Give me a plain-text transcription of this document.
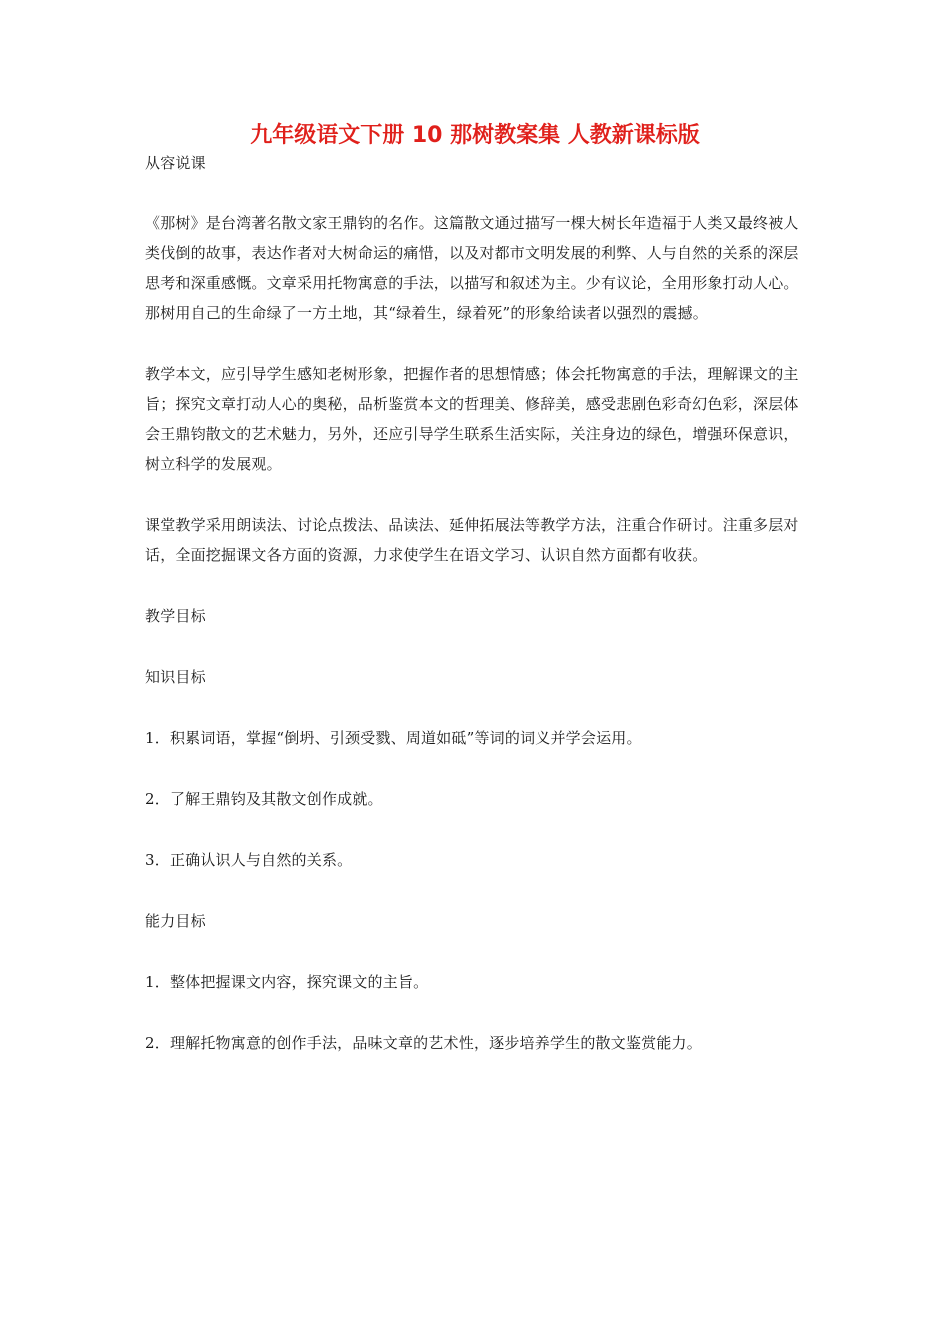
九年级语文下册 10 那树教案集 人教新课标版

从容说课

《那树》是台湾著名散文家王鼎钧的名作。这篇散文通过描写一棵大树长年造福于人类又最终被人类伐倒的故事，表达作者对大树命运的痛惜，以及对都市文明发展的利弊、人与自然的关系的深层思考和深重感慨。文章采用托物寓意的手法，以描写和叙述为主。少有议论，全用形象打动人心。那树用自己的生命绿了一方土地，其“绿着生，绿着死”的形象给读者以强烈的震撼。

教学本文，应引导学生感知老树形象，把握作者的思想情感；体会托物寓意的手法，理解课文的主旨；探究文章打动人心的奥秘，品析鉴赏本文的哲理美、修辞美，感受悲剧色彩奇幻色彩，深层体会王鼎钧散文的艺术魅力，另外，还应引导学生联系生活实际，关注身边的绿色，增强环保意识，树立科学的发展观。

课堂教学采用朗读法、讨论点拨法、品读法、延伸拓展法等教学方法，注重合作研讨。注重多层对话，全面挖掘课文各方面的资源，力求使学生在语文学习、认识自然方面都有收获。

教学目标

知识目标

1．积累词语，掌握“倒坍、引颈受戮、周道如砥”等词的词义并学会运用。

2．了解王鼎钧及其散文创作成就。

3．正确认识人与自然的关系。

能力目标

1．整体把握课文内容，探究课文的主旨。

2．理解托物寓意的创作手法，品味文章的艺术性，逐步培养学生的散文鉴赏能力。
